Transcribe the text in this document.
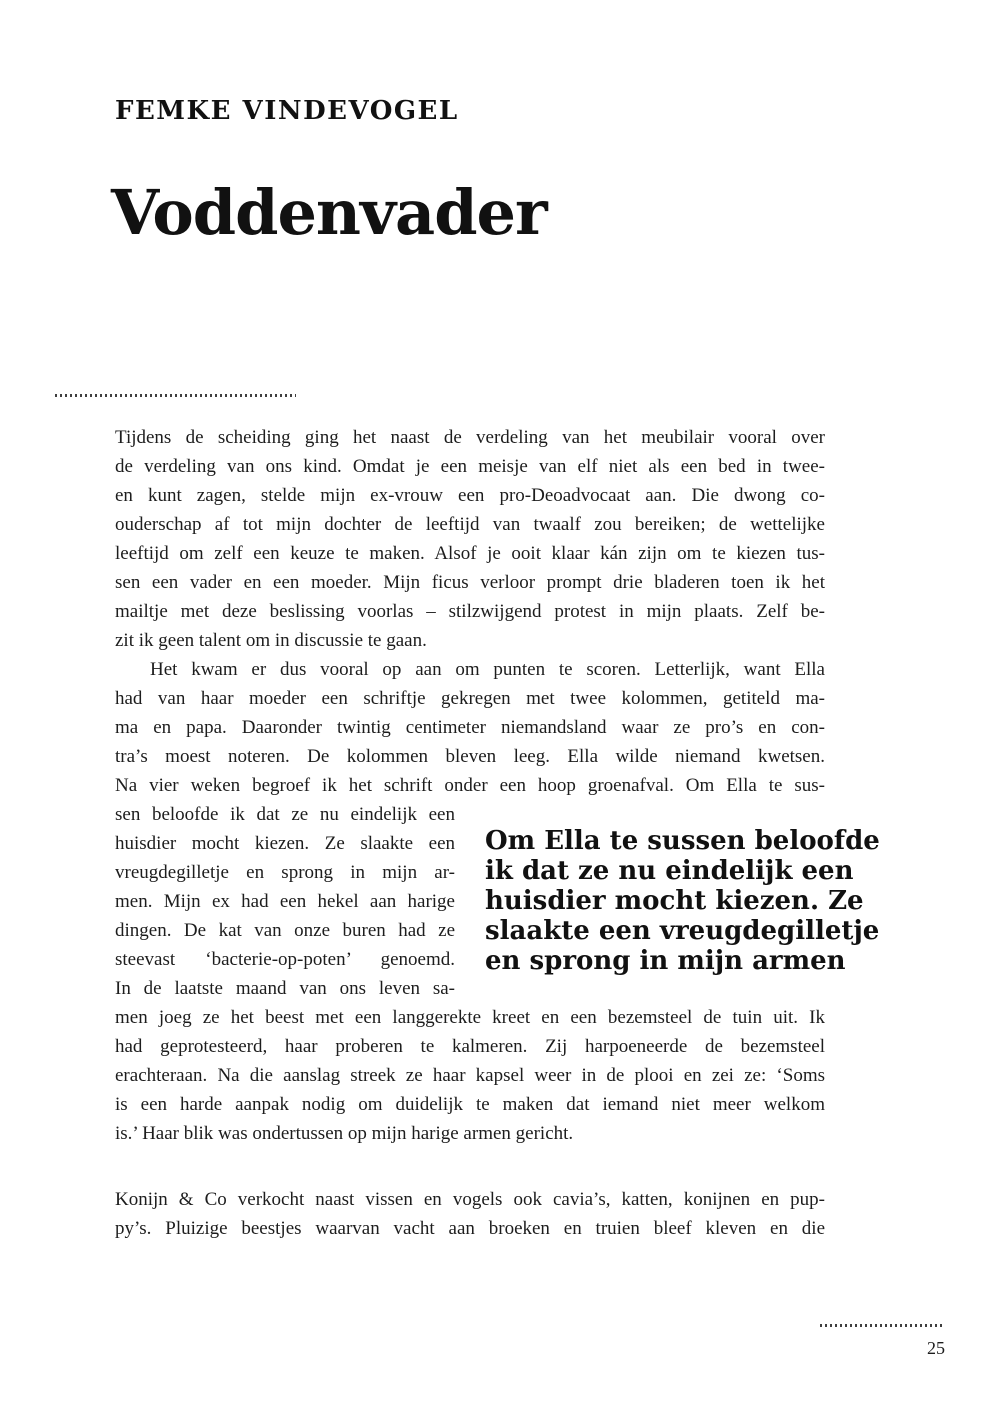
FEMKE VINDEVOGEL
Voddenvader
Tijdens de scheiding ging het naast de verdeling van het meubilair vooral over
de verdeling van ons kind. Omdat je een meisje van elf niet als een bed in twee-
en kunt zagen, stelde mijn ex-vrouw een pro-Deoadvocaat aan. Die dwong co-
ouderschap af tot mijn dochter de leeftijd van twaalf zou bereiken; de wettelijke
leeftijd om zelf een keuze te maken. Alsof je ooit klaar kán zijn om te kiezen tus-
sen een vader en een moeder. Mijn ficus verloor prompt drie bladeren toen ik het
mailtje met deze beslissing voorlas – stilzwijgend protest in mijn plaats. Zelf be-
zit ik geen talent om in discussie te gaan.
Het kwam er dus vooral op aan om punten te scoren. Letterlijk, want Ella
had van haar moeder een schriftje gekregen met twee kolommen, getiteld ma-
ma en papa. Daaronder twintig centimeter niemandsland waar ze pro’s en con-
tra’s moest noteren. De kolommen bleven leeg. Ella wilde niemand kwetsen.
Na vier weken begroef ik het schrift onder een hoop groenafval. Om Ella te sus-
sen beloofde ik dat ze nu eindelijk een
huisdier mocht kiezen. Ze slaakte een
vreugdegilletje en sprong in mijn ar-
men. Mijn ex had een hekel aan harige
dingen. De kat van onze buren had ze
steevast ‘bacterie-op-poten’ genoemd.
In de laatste maand van ons leven sa-
Om Ella te sussen beloofde
ik dat ze nu eindelijk een
huisdier mocht kiezen. Ze
slaakte een vreugdegilletje
en sprong in mijn armen
men joeg ze het beest met een langgerekte kreet en een bezemsteel de tuin uit. Ik
had geprotesteerd, haar proberen te kalmeren. Zij harpoeneerde de bezemsteel
erachteraan. Na die aanslag streek ze haar kapsel weer in de plooi en zei ze: ‘Soms
is een harde aanpak nodig om duidelijk te maken dat iemand niet meer welkom
is.’ Haar blik was ondertussen op mijn harige armen gericht.
Konijn & Co verkocht naast vissen en vogels ook cavia’s, katten, konijnen en pup-
py’s. Pluizige beestjes waarvan vacht aan broeken en truien bleef kleven en die
25
